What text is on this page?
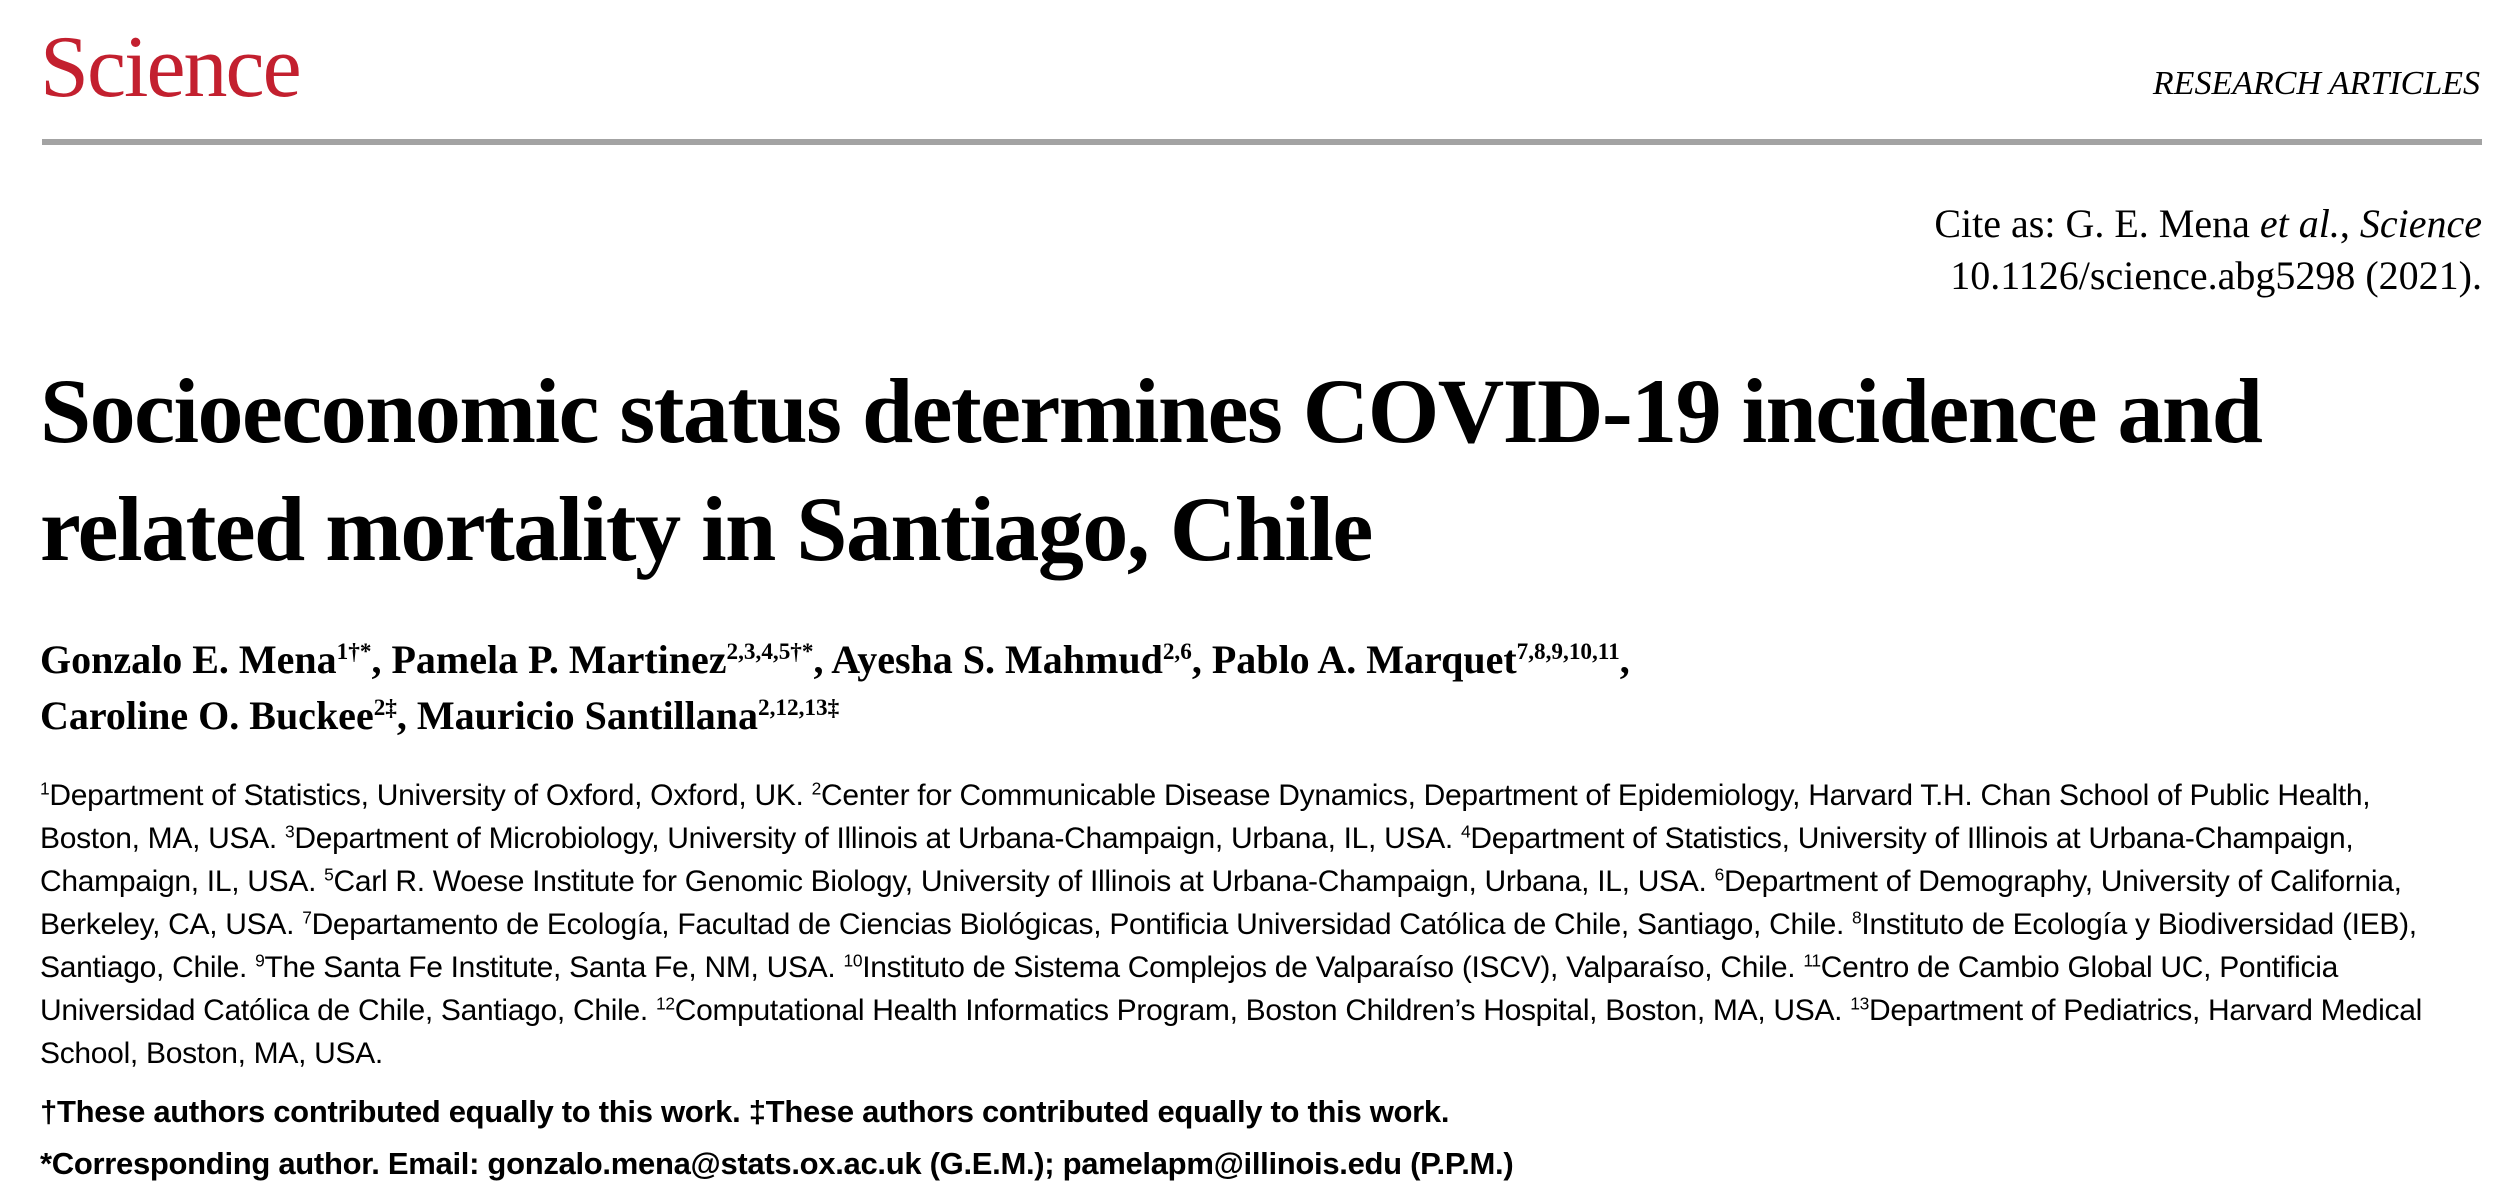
Science	RESEARCH ARTICLES
Cite as: G. E. Mena et al., Science
10.1126/science.abg5298 (2021).
Socioeconomic status determines COVID-19 incidence and related mortality in Santiago, Chile
Gonzalo E. Mena$^{1\dagger*}$, Pamela P. Martinez$^{2,3,4,5\dagger*}$, Ayesha S. Mahmud$^{2,6}$, Pablo A. Marquet$^{7,8,9,10,11}$,
Caroline O. Buckee$^{2\ddagger}$, Mauricio Santillana$^{2,12,13\ddagger}$
$^1$Department of Statistics, University of Oxford, Oxford, UK. $^2$Center for Communicable Disease Dynamics, Department of Epidemiology, Harvard T.H. Chan School of Public Health, Boston, MA, USA. $^3$Department of Microbiology, University of Illinois at Urbana-Champaign, Urbana, IL, USA. $^4$Department of Statistics, University of Illinois at Urbana-Champaign, Champaign, IL, USA. $^5$Carl R. Woese Institute for Genomic Biology, University of Illinois at Urbana-Champaign, Urbana, IL, USA. $^6$Department of Demography, University of California, Berkeley, CA, USA. $^7$Departamento de Ecología, Facultad de Ciencias Biológicas, Pontificia Universidad Católica de Chile, Santiago, Chile. $^8$Instituto de Ecología y Biodiversidad (IEB), Santiago, Chile. $^9$The Santa Fe Institute, Santa Fe, NM, USA. $^{10}$Instituto de Sistema Complejos de Valparaíso (ISCV), Valparaíso, Chile. $^{11}$Centro de Cambio Global UC, Pontificia Universidad Católica de Chile, Santiago, Chile. $^{12}$Computational Health Informatics Program, Boston Children’s Hospital, Boston, MA, USA. $^{13}$Department of Pediatrics, Harvard Medical School, Boston, MA, USA.
†These authors contributed equally to this work. ‡These authors contributed equally to this work.
*Corresponding author. Email: gonzalo.mena@stats.ox.ac.uk (G.E.M.); pamelapm@illinois.edu (P.P.M.)
